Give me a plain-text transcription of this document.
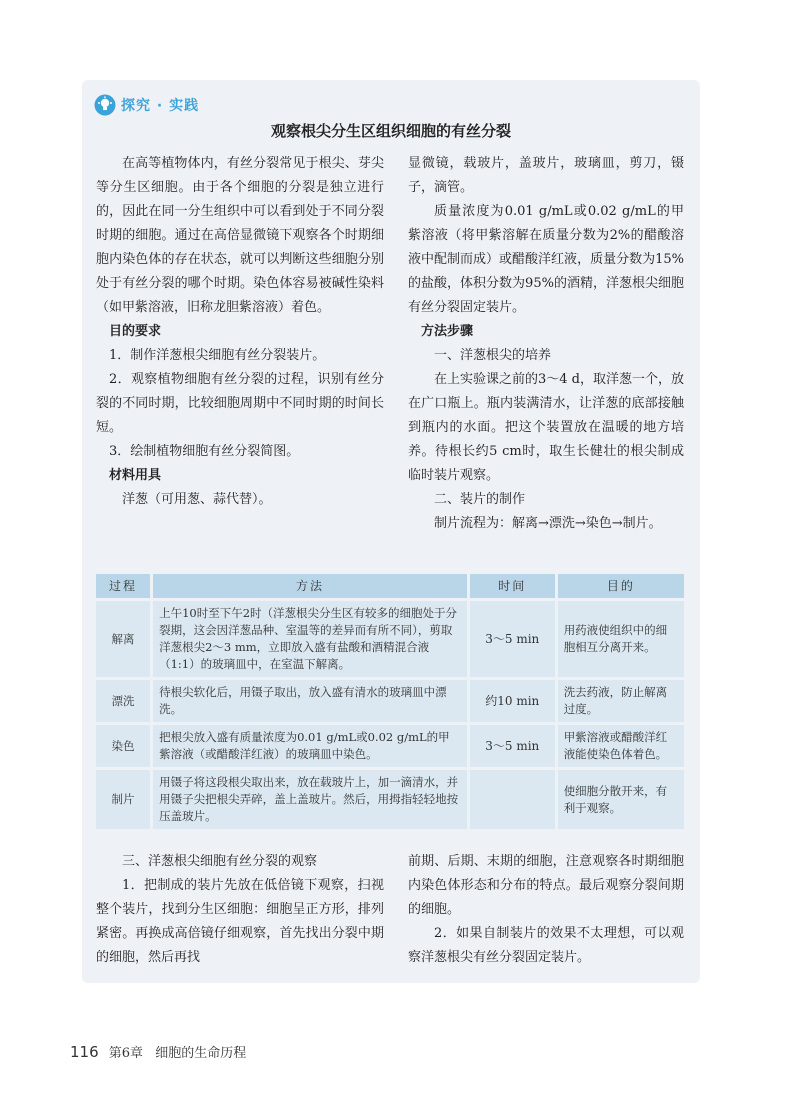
探究 · 实践
观察根尖分生区组织细胞的有丝分裂

在高等植物体内，有丝分裂常见于根尖、芽尖等分生区细胞。由于各个细胞的分裂是独立进行的，因此在同一分生组织中可以看到处于不同分裂时期的细胞。通过在高倍显微镜下观察各个时期细胞内染色体的存在状态，就可以判断这些细胞分别处于有丝分裂的哪个时期。染色体容易被碱性染料（如甲紫溶液，旧称龙胆紫溶液）着色。

目的要求

1．制作洋葱根尖细胞有丝分裂装片。

2．观察植物细胞有丝分裂的过程，识别有丝分裂的不同时期，比较细胞周期中不同时期的时间长短。

3．绘制植物细胞有丝分裂简图。

材料用具

洋葱（可用葱、蒜代替）。

显微镜，载玻片，盖玻片，玻璃皿，剪刀，镊子，滴管。

质量浓度为0.01 g/mL或0.02 g/mL的甲紫溶液（将甲紫溶解在质量分数为2%的醋酸溶液中配制而成）或醋酸洋红液，质量分数为15%的盐酸，体积分数为95%的酒精，洋葱根尖细胞有丝分裂固定装片。

方法步骤

一、洋葱根尖的培养

在上实验课之前的3～4 d，取洋葱一个，放在广口瓶上。瓶内装满清水，让洋葱的底部接触到瓶内的水面。把这个装置放在温暖的地方培养。待根长约5 cm时，取生长健壮的根尖制成临时装片观察。

二、装片的制作

制片流程为：解离→漂洗→染色→制片。

过程	方法	时间	目的
解离	上午10时至下午2时（洋葱根尖分生区有较多的细胞处于分裂期，这会因洋葱品种、室温等的差异而有所不同），剪取洋葱根尖2～3 mm，立即放入盛有盐酸和酒精混合液（1:1）的玻璃皿中，在室温下解离。	3～5 min	用药液使组织中的细胞相互分离开来。
漂洗	待根尖软化后，用镊子取出，放入盛有清水的玻璃皿中漂洗。	约10 min	洗去药液，防止解离过度。
染色	把根尖放入盛有质量浓度为0.01 g/mL或0.02 g/mL的甲紫溶液（或醋酸洋红液）的玻璃皿中染色。	3～5 min	甲紫溶液或醋酸洋红液能使染色体着色。
制片	用镊子将这段根尖取出来，放在载玻片上，加一滴清水，并用镊子尖把根尖弄碎，盖上盖玻片。然后，用拇指轻轻地按压盖玻片。		使细胞分散开来，有利于观察。

三、洋葱根尖细胞有丝分裂的观察

1．把制成的装片先放在低倍镜下观察，扫视整个装片，找到分生区细胞：细胞呈正方形，排列紧密。再换成高倍镜仔细观察，首先找出分裂中期的细胞，然后再找

前期、后期、末期的细胞，注意观察各时期细胞内染色体形态和分布的特点。最后观察分裂间期的细胞。

2．如果自制装片的效果不太理想，可以观察洋葱根尖有丝分裂固定装片。

116 第6章 细胞的生命历程
